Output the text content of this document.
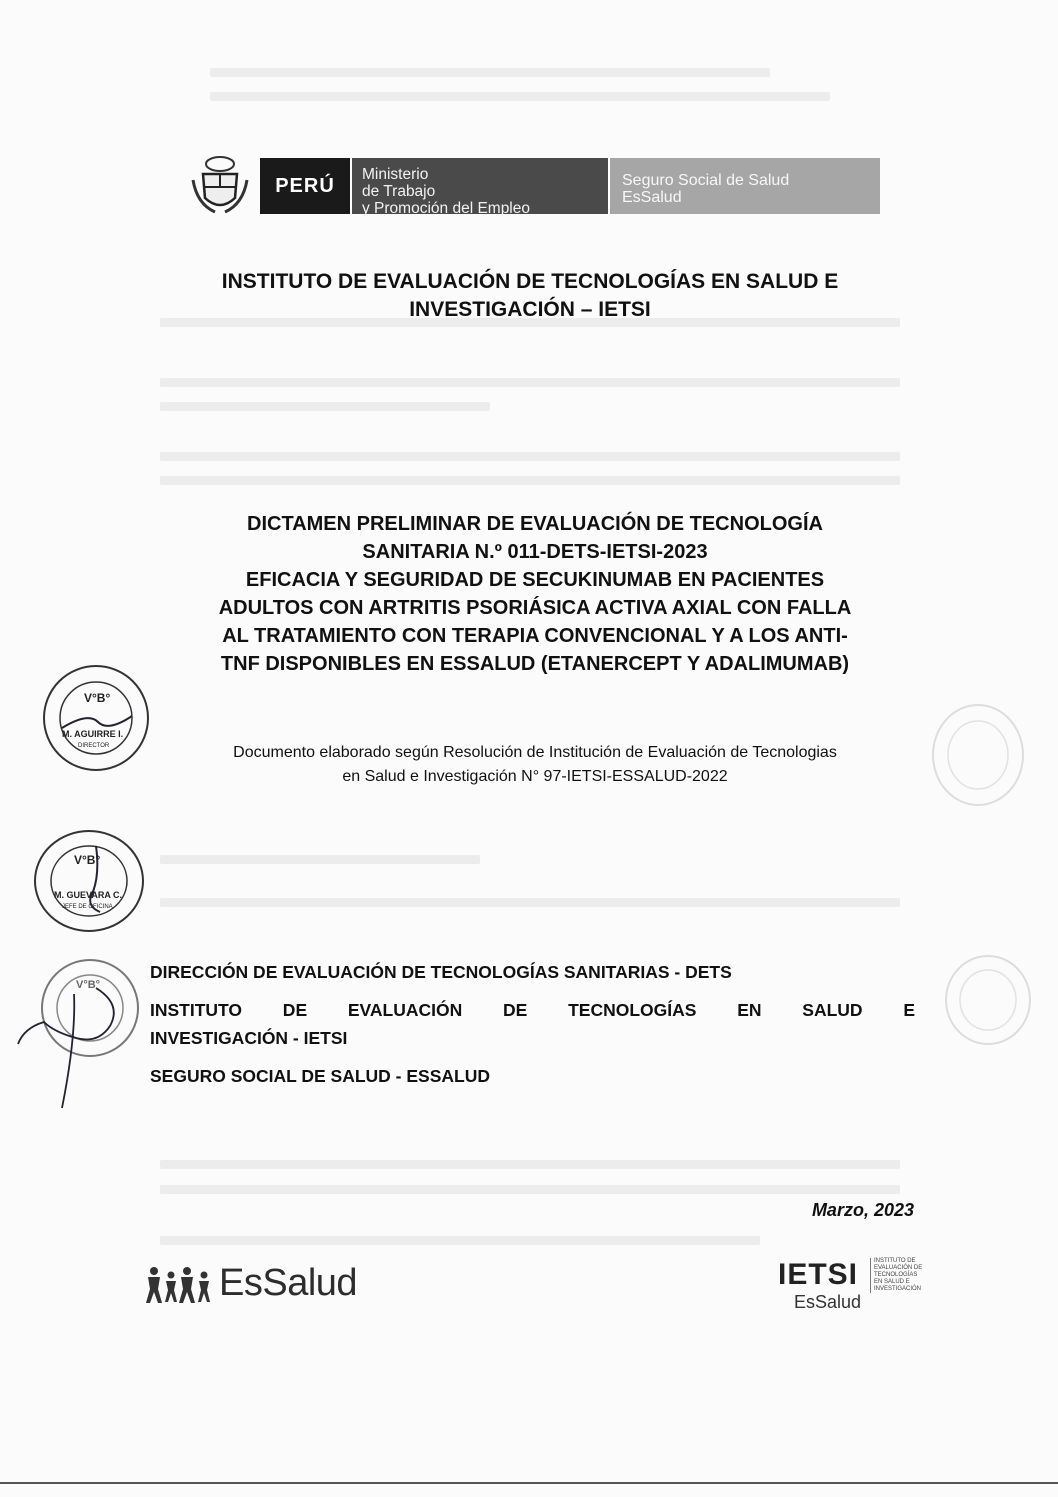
PERÚ	Ministerio
de Trabajo
y Promoción del Empleo
Seguro Social de Salud
EsSalud
INSTITUTO DE EVALUACIÓN DE TECNOLOGÍAS EN SALUD E
INVESTIGACIÓN – IETSI
DICTAMEN PRELIMINAR DE EVALUACIÓN DE TECNOLOGÍA
SANITARIA N.º 011-DETS-IETSI-2023
EFICACIA Y SEGURIDAD DE SECUKINUMAB EN PACIENTES
ADULTOS CON ARTRITIS PSORIÁSICA ACTIVA AXIAL CON FALLA
AL TRATAMIENTO CON TERAPIA CONVENCIONAL Y A LOS ANTI-
TNF DISPONIBLES EN ESSALUD (ETANERCEPT Y ADALIMUMAB)
Documento elaborado según Resolución de Institución de Evaluación de Tecnologias
en Salud e Investigación N° 97-IETSI-ESSALUD-2022
DIRECCIÓN DE EVALUACIÓN DE TECNOLOGÍAS SANITARIAS - DETS
INSTITUTO DE EVALUACIÓN DE TECNOLOGÍAS EN SALUD E
INVESTIGACIÓN - IETSI
SEGURO SOCIAL DE SALUD - ESSALUD
Marzo, 2023
EsSalud	IETSI
EsSalud
INSTITUTO DE EVALUACIÓN DE TECNOLOGÍAS EN SALUD E INVESTIGACIÓN
V°B°
M. AGUIRRE I.
DIRECTOR
V°B°
M. GUEVARA C.
JEFE DE OFICINA
V°B°
